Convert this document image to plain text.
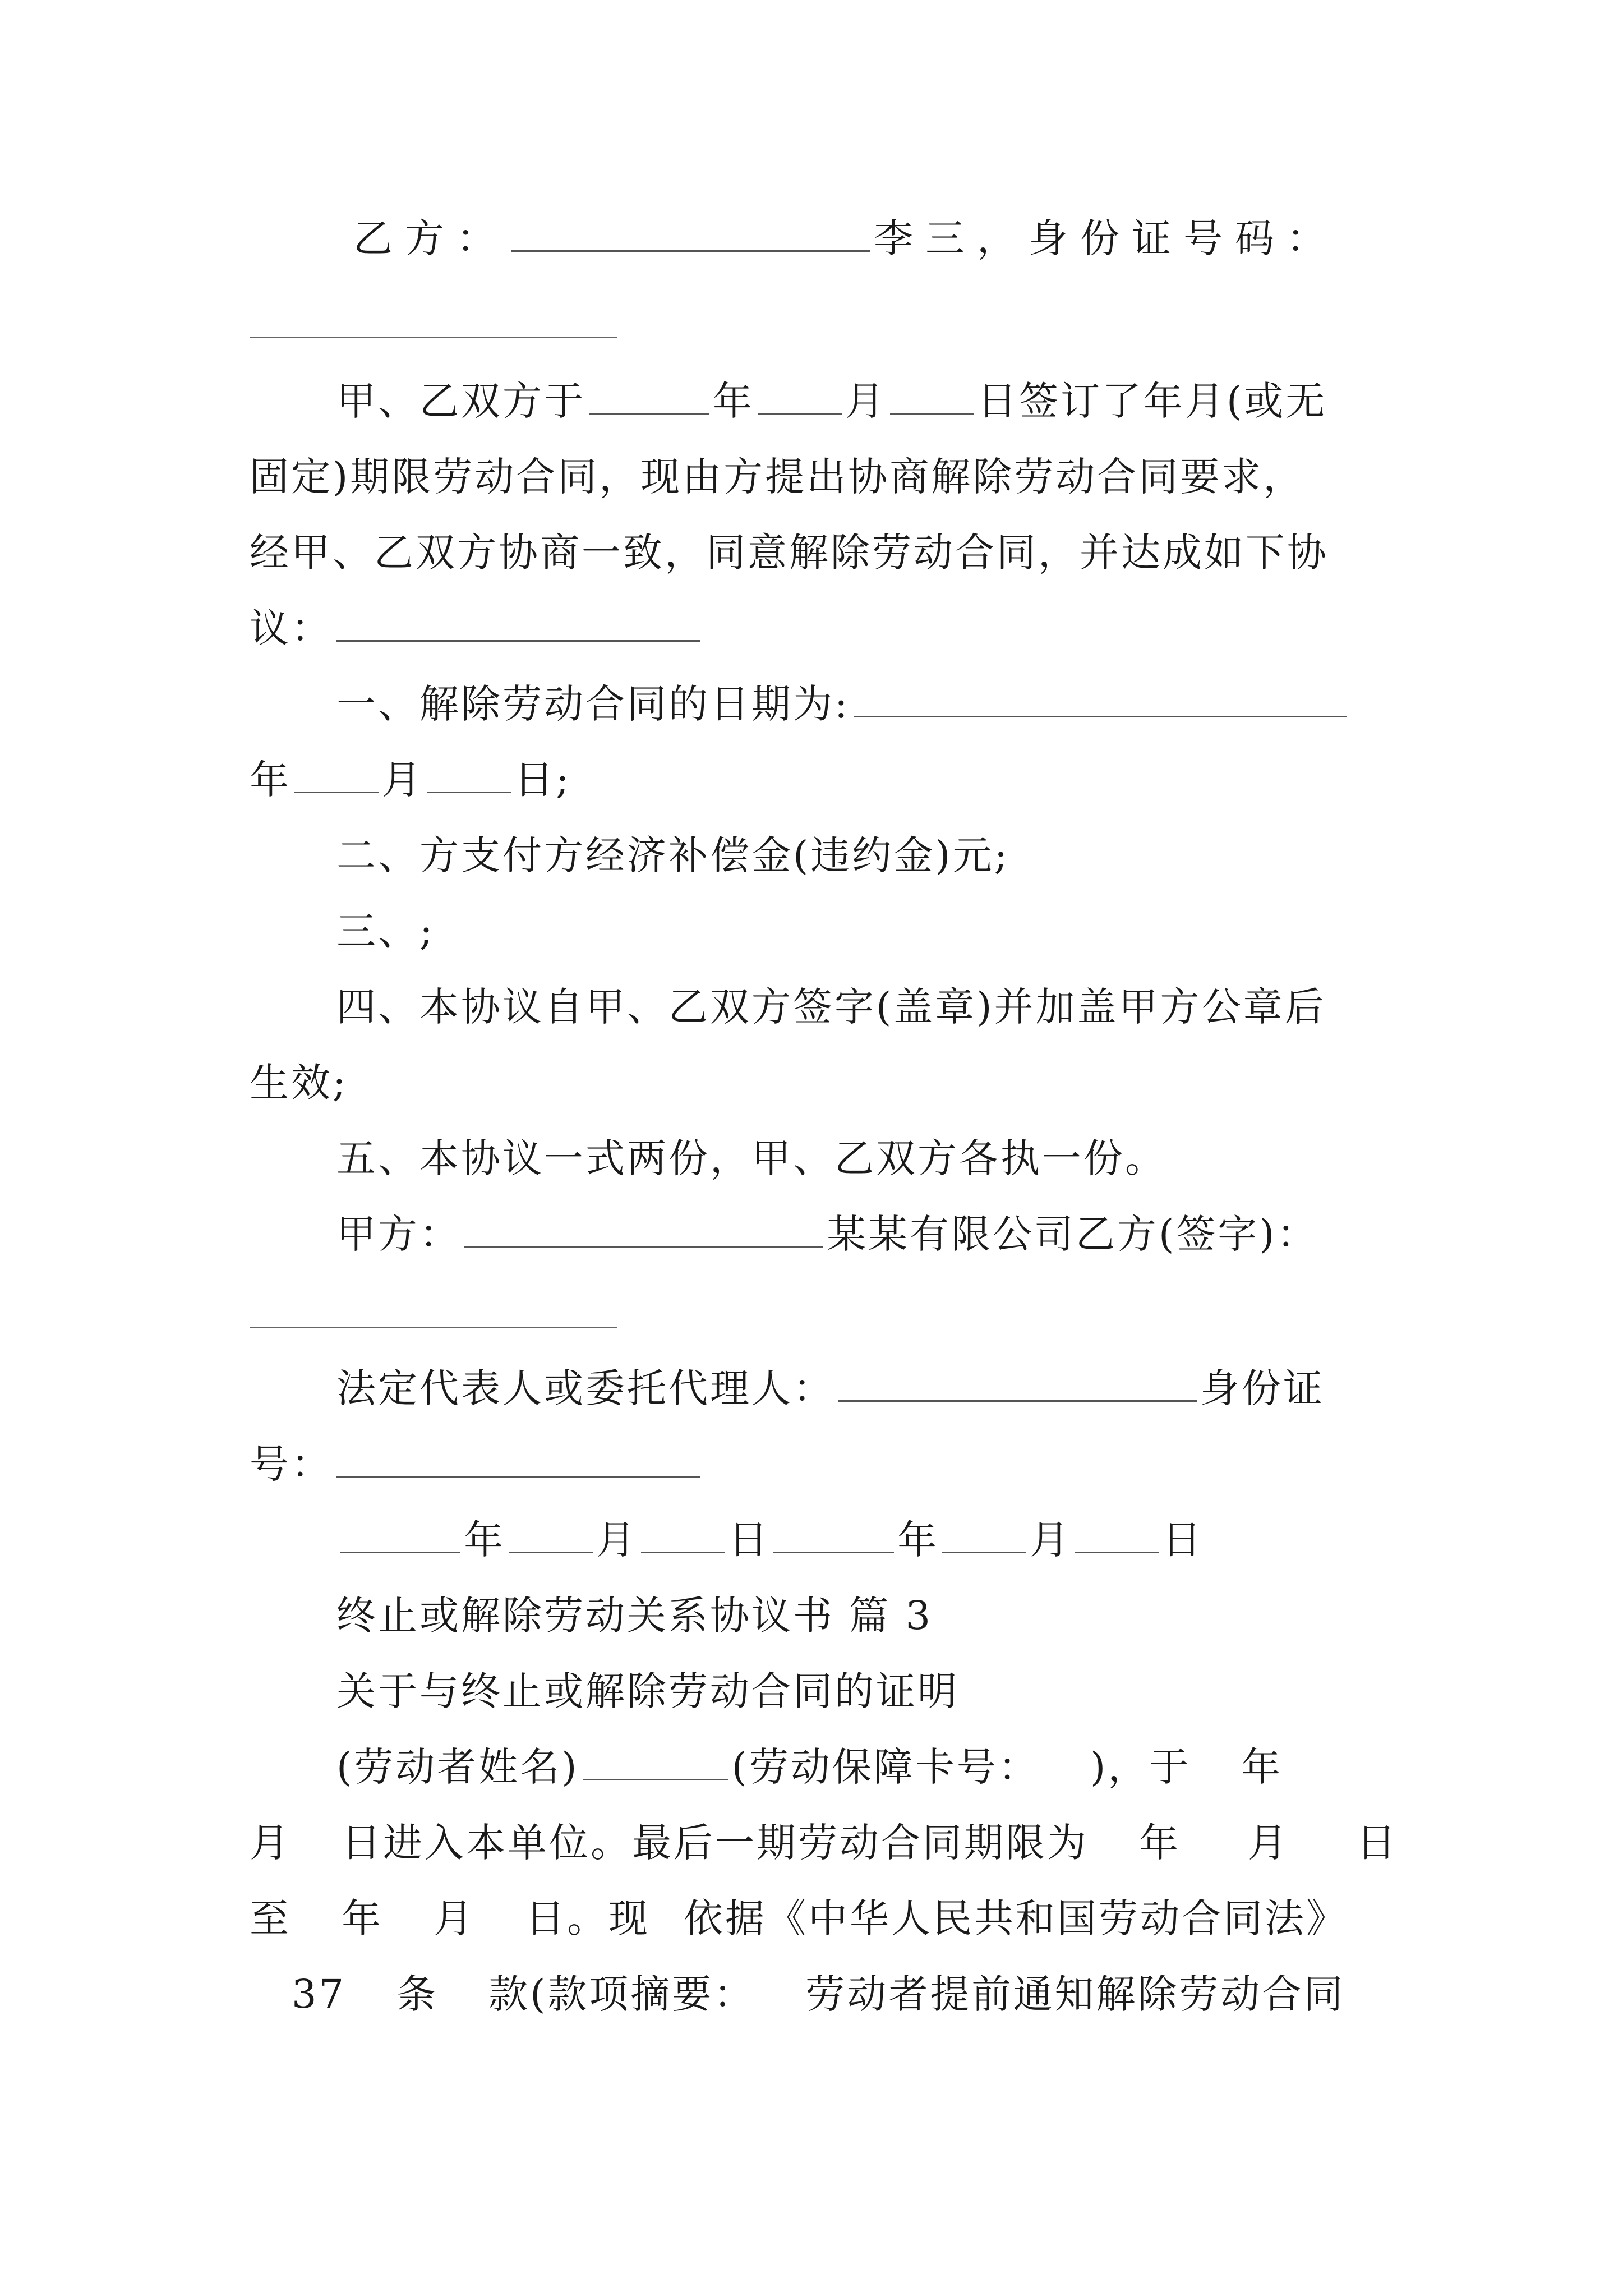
乙方：	李三，身份证号码：
甲、乙双方于	年 月 日签订了年月(或无
固定)期限劳动合同，现由方提出协商解除劳动合同要求，
经甲、乙双方协商一致，同意解除劳动合同，并达成如下协
议：
一、解除劳动合同的日期为:
年 月 日;
二、方支付方经济补偿金(违约金)元;
三、;
四、本协议自甲、乙双方签字(盖章)并加盖甲方公章后
生效;
五、本协议一式两份，甲、乙双方各执一份。
甲方：	某某有限公司乙方(签字)：
法定代表人或委托代理人：	身份证
号：
年 月 日	年 月 日
终止或解除劳动关系协议书 篇 3
关于与终止或解除劳动合同的证明
(劳动者姓名)	(劳动保障卡号： )，于 年
月 日进入本单位。最后一期劳动合同期限为 年 月 日
至 年 月 日。现 依据《中华人民共和国劳动合同法》
37 条 款(款项摘要： 劳动者提前通知解除劳动合同
